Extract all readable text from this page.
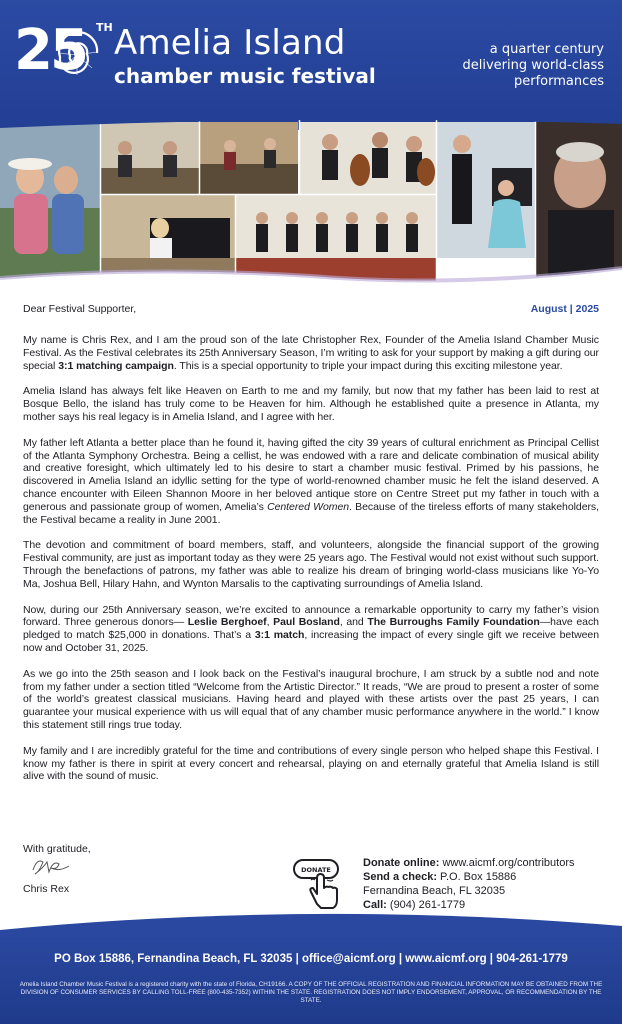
25 TH Amelia Island
chamber music festival
a quarter century
delivering world-class
performances
Dear Festival Supporter,	August | 2025

My name is Chris Rex, and I am the proud son of the late Christopher Rex, Founder of the Amelia Island Chamber Music Festival. As the Festival celebrates its 25th Anniversary Season, I’m writing to ask for your support by making a gift during our special 3:1 matching campaign. This is a special opportunity to triple your impact during this exciting milestone year.

Amelia Island has always felt like Heaven on Earth to me and my family, but now that my father has been laid to rest at Bosque Bello, the island has truly come to be Heaven for him. Although he established quite a presence in Atlanta, my mother says his real legacy is in Amelia Island, and I agree with her.

My father left Atlanta a better place than he found it, having gifted the city 39 years of cultural enrichment as Principal Cellist of the Atlanta Symphony Orchestra. Being a cellist, he was endowed with a rare and delicate combination of musical ability and creative foresight, which ultimately led to his desire to start a chamber music festival. Primed by his passions, he discovered in Amelia Island an idyllic setting for the type of world-renowned chamber music he felt the island deserved. A chance encounter with Eileen Shannon Moore in her beloved antique store on Centre Street put my father in touch with a generous and passionate group of women, Amelia’s Centered Women. Because of the tireless efforts of many stakeholders, the Festival became a reality in June 2001.

The devotion and commitment of board members, staff, and volunteers, alongside the financial support of the growing Festival community, are just as important today as they were 25 years ago. The Festival would not exist without such support. Through the benefactions of patrons, my father was able to realize his dream of bringing world-class musicians like Yo-Yo Ma, Joshua Bell, Hilary Hahn, and Wynton Marsalis to the captivating surroundings of Amelia Island.

Now, during our 25th Anniversary season, we’re excited to announce a remarkable opportunity to carry my father’s vision forward. Three generous donors— Leslie Berghoef, Paul Bosland, and The Burroughs Family Foundation—have each pledged to match $25,000 in donations. That’s a 3:1 match, increasing the impact of every single gift we receive between now and October 31, 2025.

As we go into the 25th season and I look back on the Festival’s inaugural brochure, I am struck by a subtle nod and note from my father under a section titled “Welcome from the Artistic Director.” It reads, “We are proud to present a roster of some of the world’s greatest classical musicians. Having heard and played with these artists over the past 25 years, I can guarantee your musical experience with us will equal that of any chamber music performance anywhere in the world.” I know this statement still rings true today.

My family and I are incredibly grateful for the time and contributions of every single person who helped shape this Festival. I know my father is there in spirit at every concert and rehearsal, playing on and eternally grateful that Amelia Island is still alive with the sound of music.

With gratitude,
Chris Rex
DONATE
Donate online: www.aicmf.org/contributors
Send a check: P.O. Box 15886
Fernandina Beach, FL 32035
Call: (904) 261-1779
PO Box 15886, Fernandina Beach, FL 32035 | office@aicmf.org | www.aicmf.org | 904-261-1779
Amelia Island Chamber Music Festival is a registered charity with the state of Florida, CH19166. A COPY OF THE OFFICIAL REGISTRATION AND FINANCIAL INFORMATION MAY BE OBTAINED FROM THE DIVISION OF CONSUMER SERVICES BY CALLING TOLL-FREE (800-435-7352) WITHIN THE STATE. REGISTRATION DOES NOT IMPLY ENDORSEMENT, APPROVAL, OR RECOMMENDATION BY THE STATE.
